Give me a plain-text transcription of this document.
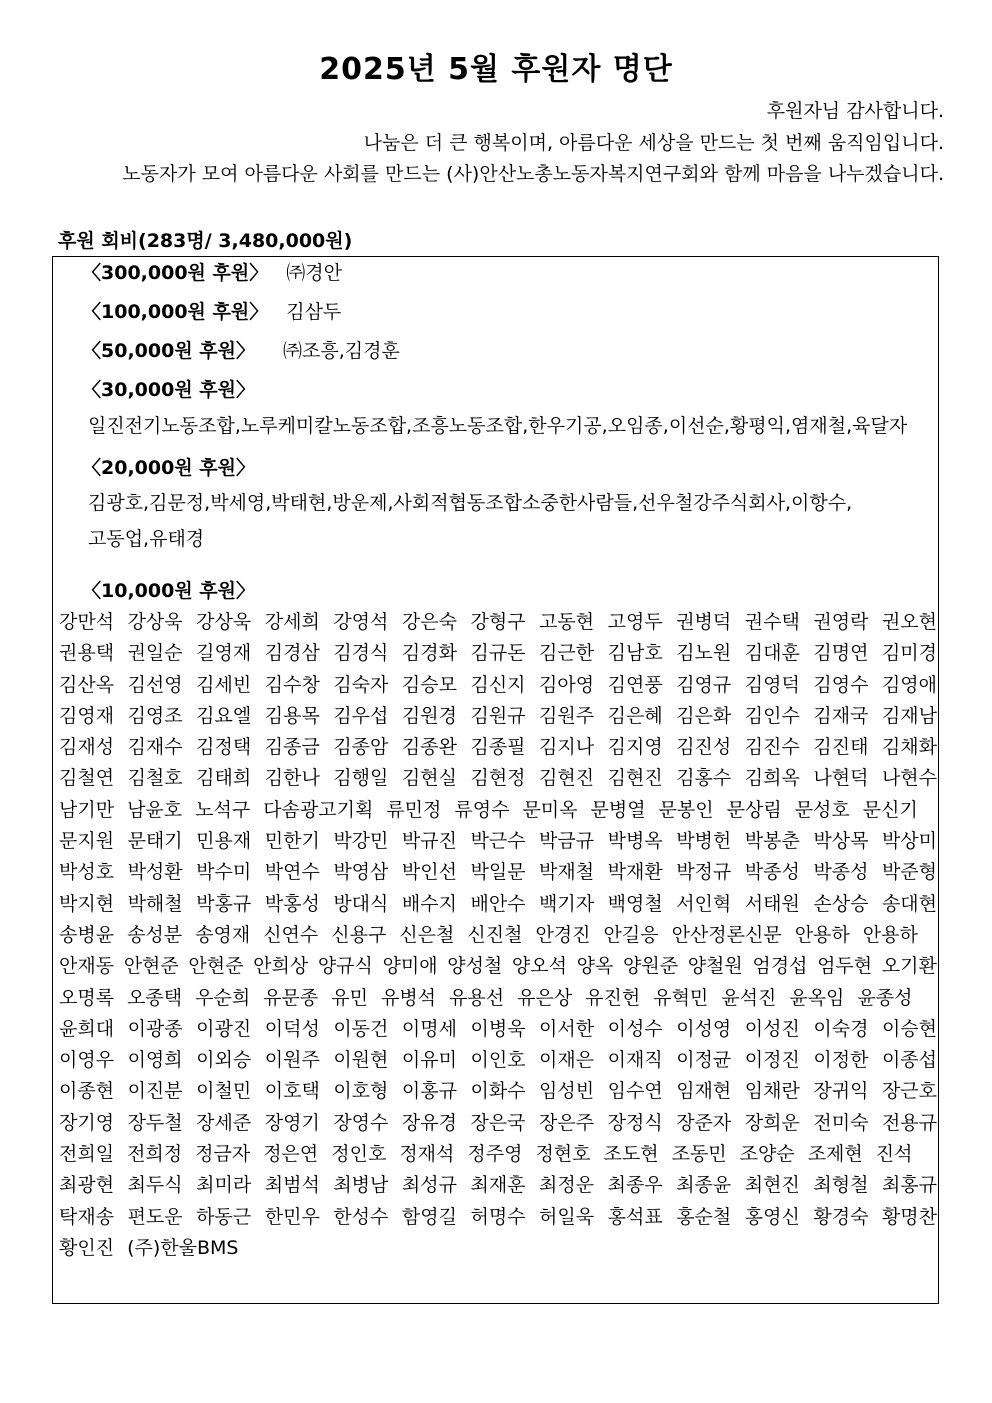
2025년 5월 후원자 명단
후원자님 감사합니다.
나눔은 더 큰 행복이며, 아름다운 세상을 만드는 첫 번째 움직임입니다.
노동자가 모여 아름다운 사회를 만드는 (사)안산노총노동자복지연구회와 함께 마음을 나누겠습니다.
후원 회비(283명/ 3,480,000원)
〈300,000원 후원〉 ㈜경안
〈100,000원 후원〉 김삼두
〈50,000원 후원〉 ㈜조흥,김경훈
〈30,000원 후원〉
일진전기노동조합,노루케미칼노동조합,조흥노동조합,한우기공,오임종,이선순,황평익,염재철,육달자
〈20,000원 후원〉
김광호,김문정,박세영,박태현,방운제,사회적협동조합소중한사람들,선우철강주식회사,이항수,
고동업,유태경
〈10,000원 후원〉
강만석 강상욱 강상욱 강세희 강영석 강은숙 강형구 고동현 고영두 권병덕 권수택 권영락 권오현
권용택 권일순 길영재 김경삼 김경식 김경화 김규돈 김근한 김남호 김노원 김대훈 김명연 김미경
김산옥 김선영 김세빈 김수창 김숙자 김승모 김신지 김아영 김연풍 김영규 김영덕 김영수 김영애
김영재 김영조 김요엘 김용목 김우섭 김원경 김원규 김원주 김은혜 김은화 김인수 김재국 김재남
김재성 김재수 김정택 김종금 김종암 김종완 김종필 김지나 김지영 김진성 김진수 김진태 김채화
김철연 김철호 김태희 김한나 김행일 김현실 김현정 김현진 김현진 김홍수 김희옥 나현덕 나현수
남기만 남윤호 노석구 다솜광고기획 류민정 류영수 문미옥 문병열 문봉인 문상림 문성호 문신기
문지원 문태기 민용재 민한기 박강민 박규진 박근수 박금규 박병옥 박병헌 박봉춘 박상목 박상미
박성호 박성환 박수미 박연수 박영삼 박인선 박일문 박재철 박재환 박정규 박종성 박종성 박준형
박지현 박해철 박홍규 박홍성 방대식 배수지 배안수 백기자 백영철 서인혁 서태원 손상승 송대현
송병윤 송성분 송영재 신연수 신용구 신은철 신진철 안경진 안길응 안산정론신문 안용하 안용하
안재동 안현준 안현준 안희상 양규식 양미애 양성철 양오석 양옥 양원준 양철원 엄경섭 엄두현 오기환
오명록 오종택 우순희 유문종 유민 유병석 유용선 유은상 유진헌 유혁민 윤석진 윤옥임 윤종성
윤희대 이광종 이광진 이덕성 이동건 이명세 이병욱 이서한 이성수 이성영 이성진 이숙경 이승현
이영우 이영희 이외승 이원주 이원현 이유미 이인호 이재은 이재직 이정균 이정진 이정한 이종섭
이종현 이진분 이철민 이호택 이호형 이홍규 이화수 임성빈 임수연 임재현 임채란 장귀익 장근호
장기영 장두철 장세준 장영기 장영수 장유경 장은국 장은주 장정식 장준자 장희운 전미숙 전용규
전희일 전희정 정금자 정은연 정인호 정재석 정주영 정현호 조도현 조동민 조양순 조제현 진석
최광현 최두식 최미라 최범석 최병남 최성규 최재훈 최정운 최종우 최종윤 최현진 최형철 최홍규
탁재송 편도운 하동근 한민우 한성수 함영길 허명수 허일욱 홍석표 홍순철 홍영신 황경숙 황명찬
황인진 (주)한울BMS
